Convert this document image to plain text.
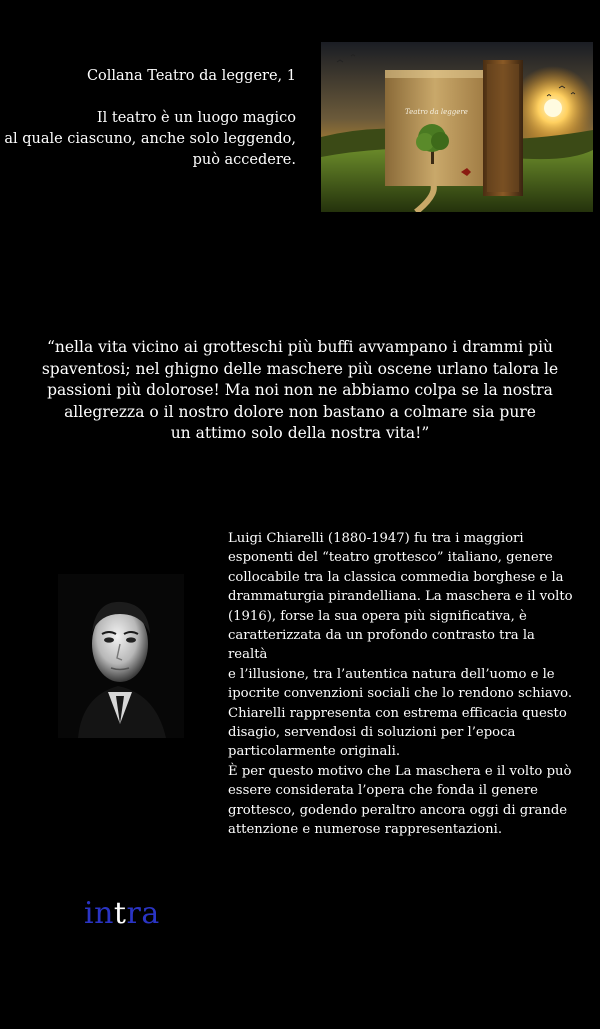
Collana Teatro da leggere, 1
Il teatro è un luogo magico
al quale ciascuno, anche solo leggendo,
può accedere.
Teatro da leggere
“nella vita vicino ai grotteschi più buffi avvampano i drammi più
spaventosi; nel ghigno delle maschere più oscene urlano talora le
passioni più dolorose! Ma noi non ne abbiamo colpa se la nostra
allegrezza o il nostro dolore non bastano a colmare sia pure
un attimo solo della nostra vita!”
Luigi Chiarelli (1880-1947) fu tra i maggiori
esponenti del “teatro grottesco” italiano, genere
collocabile tra la classica commedia borghese e la
drammaturgia pirandelliana. La maschera e il volto
(1916), forse la sua opera più significativa, è
caratterizzata da un profondo contrasto tra la realtà
e l’illusione, tra l’autentica natura dell’uomo e le
ipocrite convenzioni sociali che lo rendono schiavo.
Chiarelli rappresenta con estrema efficacia questo
disagio, servendosi di soluzioni per l’epoca
particolarmente originali.
È per questo motivo che La maschera e il volto può
essere considerata l’opera che fonda il genere
grottesco, godendo peraltro ancora oggi di grande
attenzione e numerose rappresentazioni.
intra
